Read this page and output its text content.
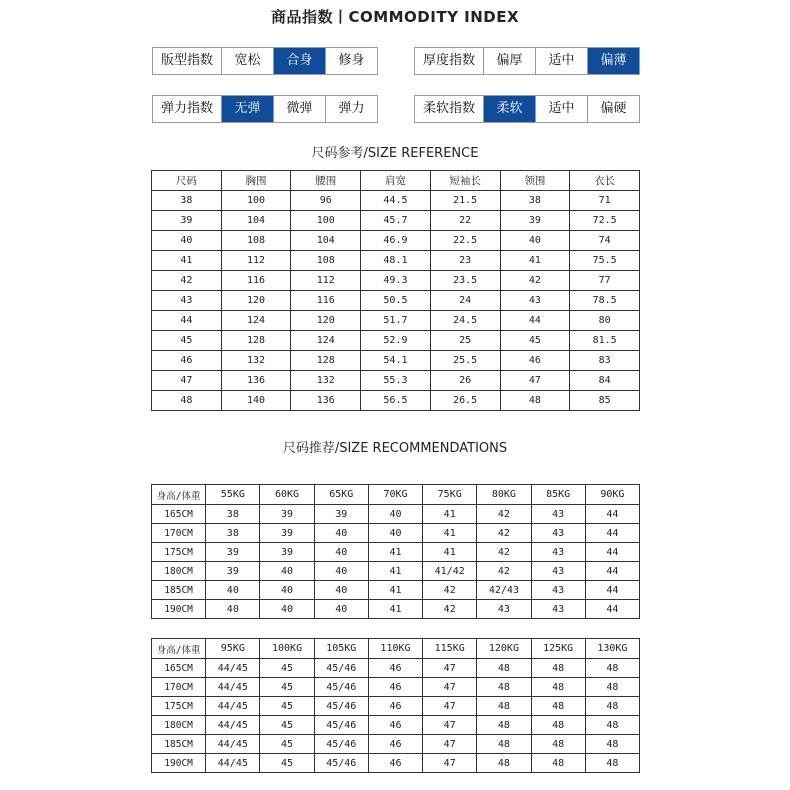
商品指数丨COMMODITY INDEX
版型指数	宽松	合身	修身	厚度指数	偏厚	适中	偏薄
弹力指数	无弹	微弹	弹力	柔软指数	柔软	适中	偏硬
尺码参考/SIZE REFERENCE
尺码	胸围	腰围	肩宽	短袖长	领围	衣长
38	100	96	44.5	21.5	38	71
39	104	100	45.7	22	39	72.5
40	108	104	46.9	22.5	40	74
41	112	108	48.1	23	41	75.5
42	116	112	49.3	23.5	42	77
43	120	116	50.5	24	43	78.5
44	124	120	51.7	24.5	44	80
45	128	124	52.9	25	45	81.5
46	132	128	54.1	25.5	46	83
47	136	132	55.3	26	47	84
48	140	136	56.5	26.5	48	85
尺码推荐/SIZE RECOMMENDATIONS
身高/体重	55KG	60KG	65KG	70KG	75KG	80KG	85KG	90KG
165CM	38	39	39	40	41	42	43	44
170CM	38	39	40	40	41	42	43	44
175CM	39	39	40	41	41	42	43	44
180CM	39	40	40	41	41/42	42	43	44
185CM	40	40	40	41	42	42/43	43	44
190CM	40	40	40	41	42	43	43	44
身高/体重	95KG	100KG	105KG	110KG	115KG	120KG	125KG	130KG
165CM	44/45	45	45/46	46	47	48	48	48
170CM	44/45	45	45/46	46	47	48	48	48
175CM	44/45	45	45/46	46	47	48	48	48
180CM	44/45	45	45/46	46	47	48	48	48
185CM	44/45	45	45/46	46	47	48	48	48
190CM	44/45	45	45/46	46	47	48	48	48
